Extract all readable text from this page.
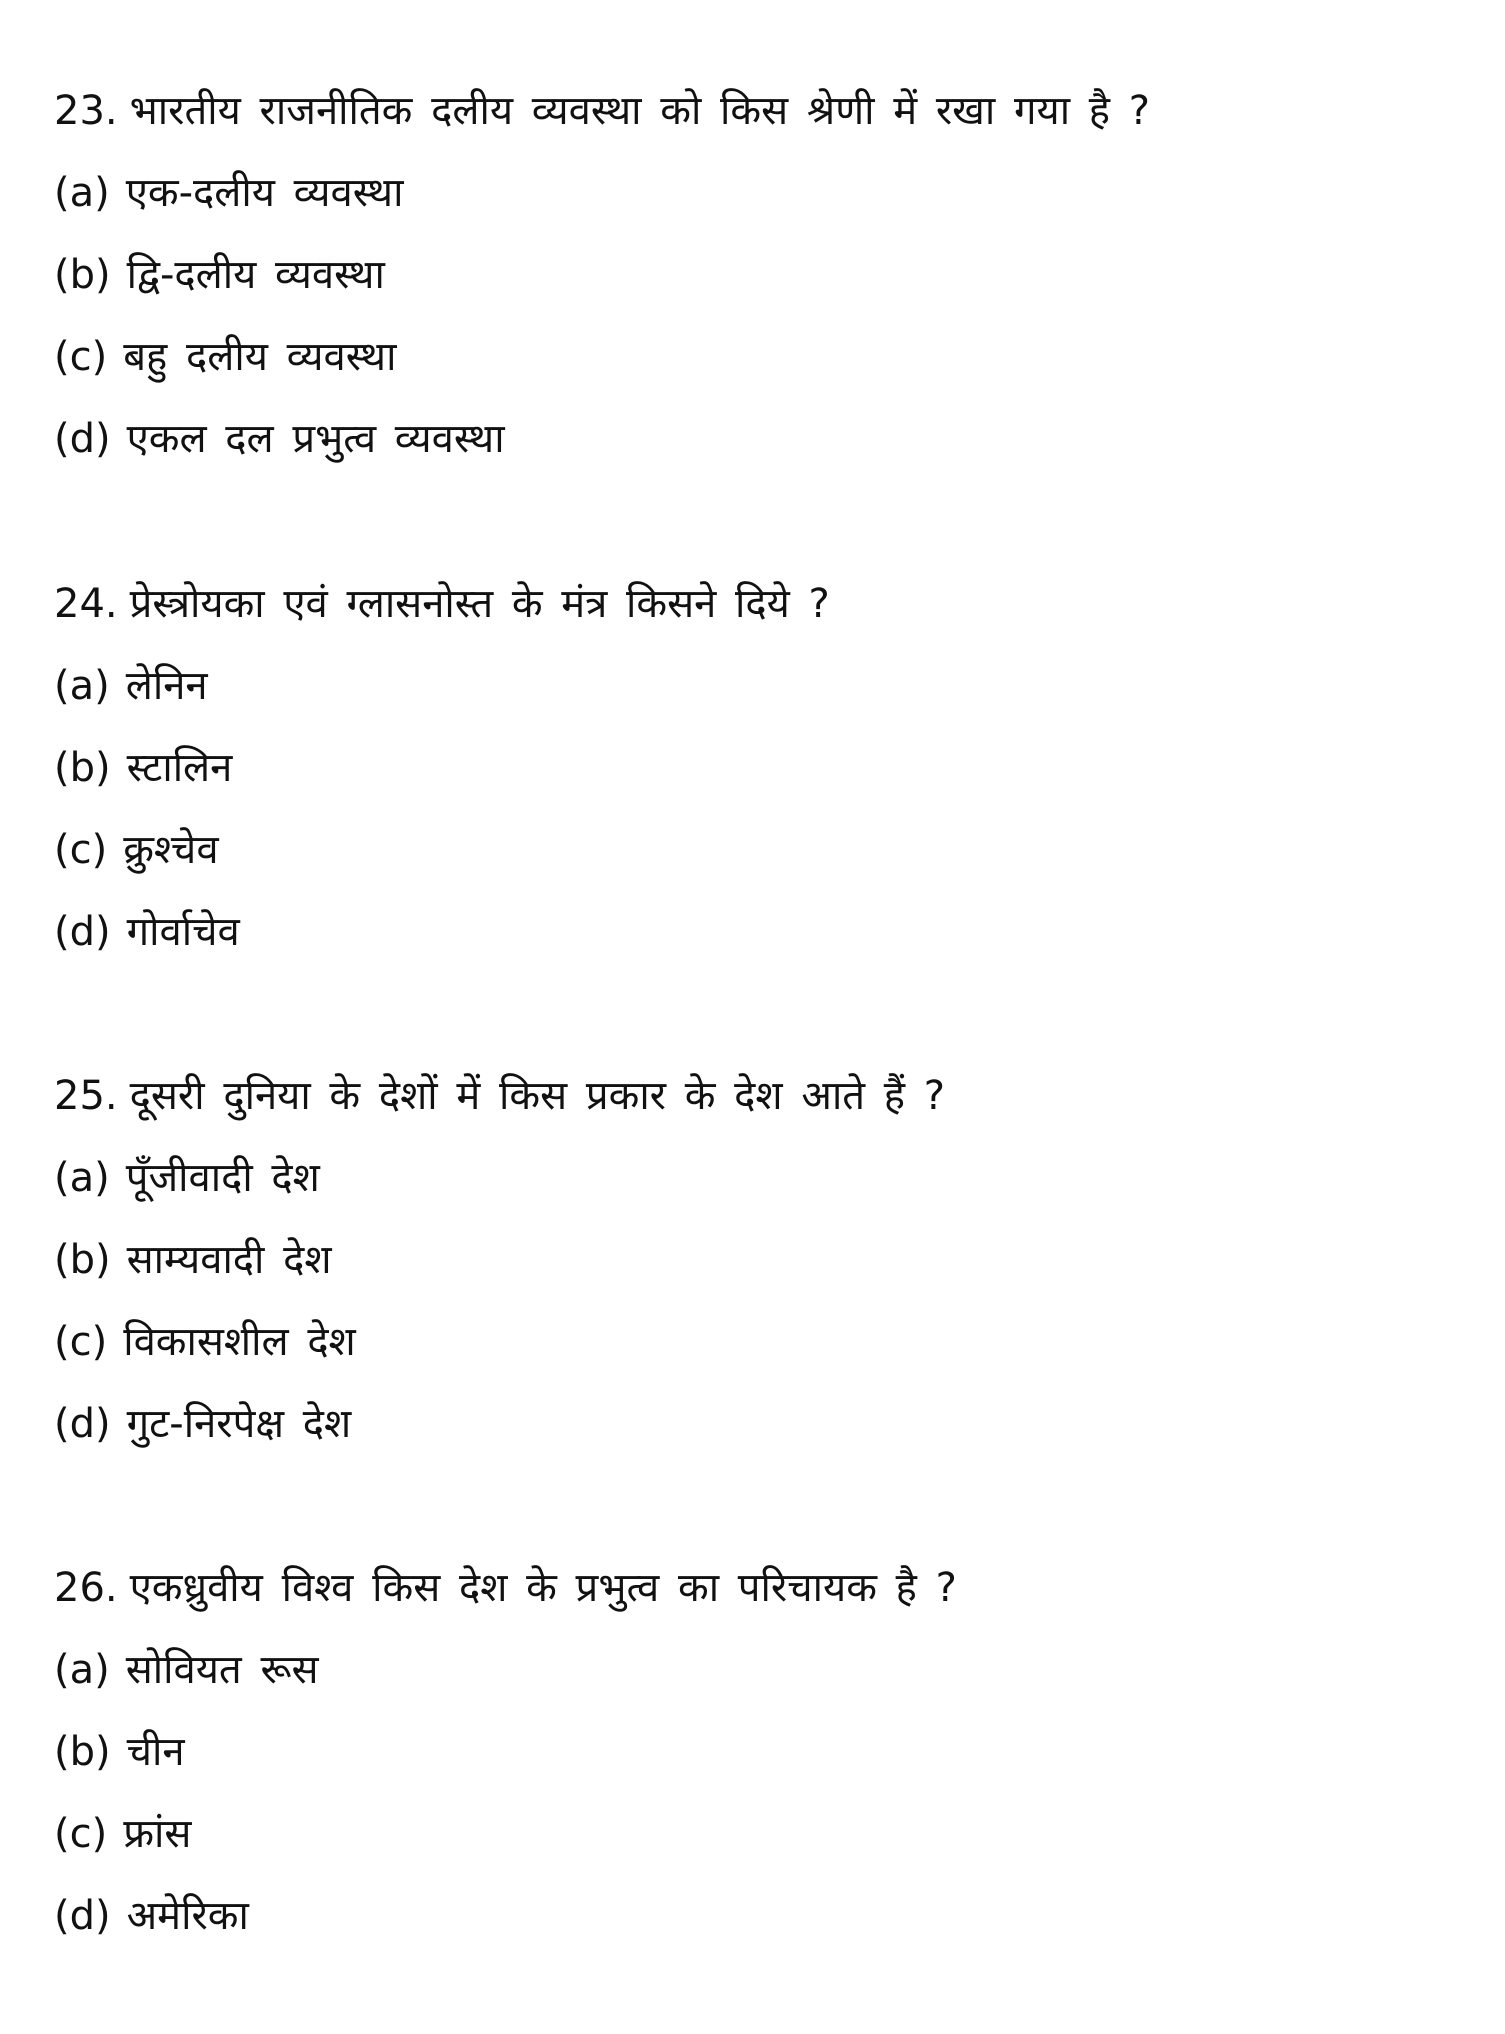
23. भारतीय राजनीतिक दलीय व्यवस्था को किस श्रेणी में रखा गया है ?
(a) एक-दलीय व्यवस्था
(b) द्वि-दलीय व्यवस्था
(c) बहु दलीय व्यवस्था
(d) एकल दल प्रभुत्व व्यवस्था
24. प्रेस्त्रोयका एवं ग्लासनोस्त के मंत्र किसने दिये ?
(a) लेनिन
(b) स्टालिन
(c) क्रुश्चेव
(d) गोर्वाचेव
25. दूसरी दुनिया के देशों में किस प्रकार के देश आते हैं ?
(a) पूँजीवादी देश
(b) साम्यवादी देश
(c) विकासशील देश
(d) गुट-निरपेक्ष देश
26. एकध्रुवीय विश्व किस देश के प्रभुत्व का परिचायक है ?
(a) सोवियत रूस
(b) चीन
(c) फ्रांस
(d) अमेरिका
